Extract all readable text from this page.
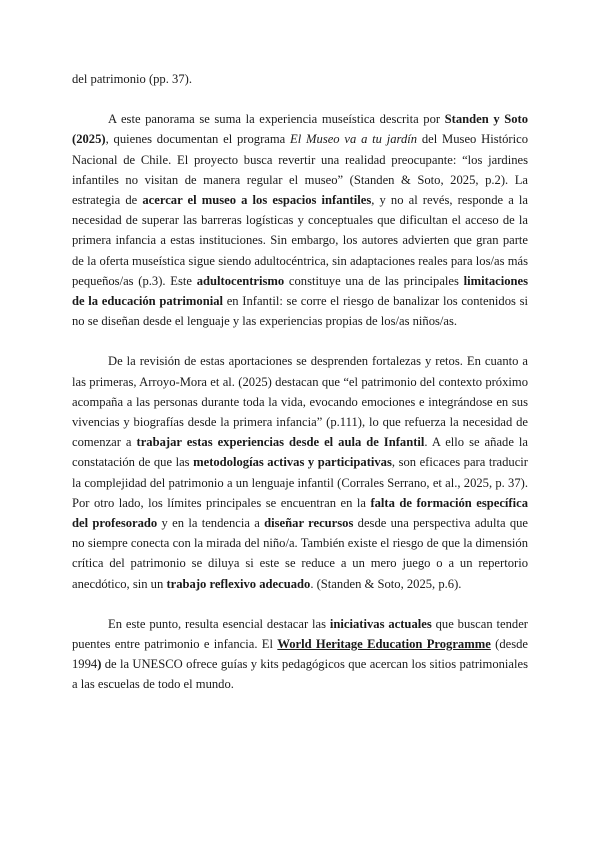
del patrimonio (pp. 37).

A este panorama se suma la experiencia museística descrita por Standen y Soto (2025), quienes documentan el programa El Museo va a tu jardín del Museo Histórico Nacional de Chile. El proyecto busca revertir una realidad preocupante: “los jardines infantiles no visitan de manera regular el museo” (Standen & Soto, 2025, p.2). La estrategia de acercar el museo a los espacios infantiles, y no al revés, responde a la necesidad de superar las barreras logísticas y conceptuales que dificultan el acceso de la primera infancia a estas instituciones. Sin embargo, los autores advierten que gran parte de la oferta museística sigue siendo adultocéntrica, sin adaptaciones reales para los/as más pequeños/as (p.3). Este adultocentrismo constituye una de las principales limitaciones de la educación patrimonial en Infantil: se corre el riesgo de banalizar los contenidos si no se diseñan desde el lenguaje y las experiencias propias de los/as niños/as.

De la revisión de estas aportaciones se desprenden fortalezas y retos. En cuanto a las primeras, Arroyo-Mora et al. (2025) destacan que “el patrimonio del contexto próximo acompaña a las personas durante toda la vida, evocando emociones e integrándose en sus vivencias y biografías desde la primera infancia” (p.111), lo que refuerza la necesidad de comenzar a trabajar estas experiencias desde el aula de Infantil. A ello se añade la constatación de que las metodologías activas y participativas, son eficaces para traducir la complejidad del patrimonio a un lenguaje infantil (Corrales Serrano, et al., 2025, p. 37). Por otro lado, los límites principales se encuentran en la falta de formación específica del profesorado y en la tendencia a diseñar recursos desde una perspectiva adulta que no siempre conecta con la mirada del niño/a. También existe el riesgo de que la dimensión crítica del patrimonio se diluya si este se reduce a un mero juego o a un repertorio anecdótico, sin un trabajo reflexivo adecuado. (Standen & Soto, 2025, p.6).

En este punto, resulta esencial destacar las iniciativas actuales que buscan tender puentes entre patrimonio e infancia. El World Heritage Education Programme (desde 1994) de la UNESCO ofrece guías y kits pedagógicos que acercan los sitios patrimoniales a las escuelas de todo el mundo.
